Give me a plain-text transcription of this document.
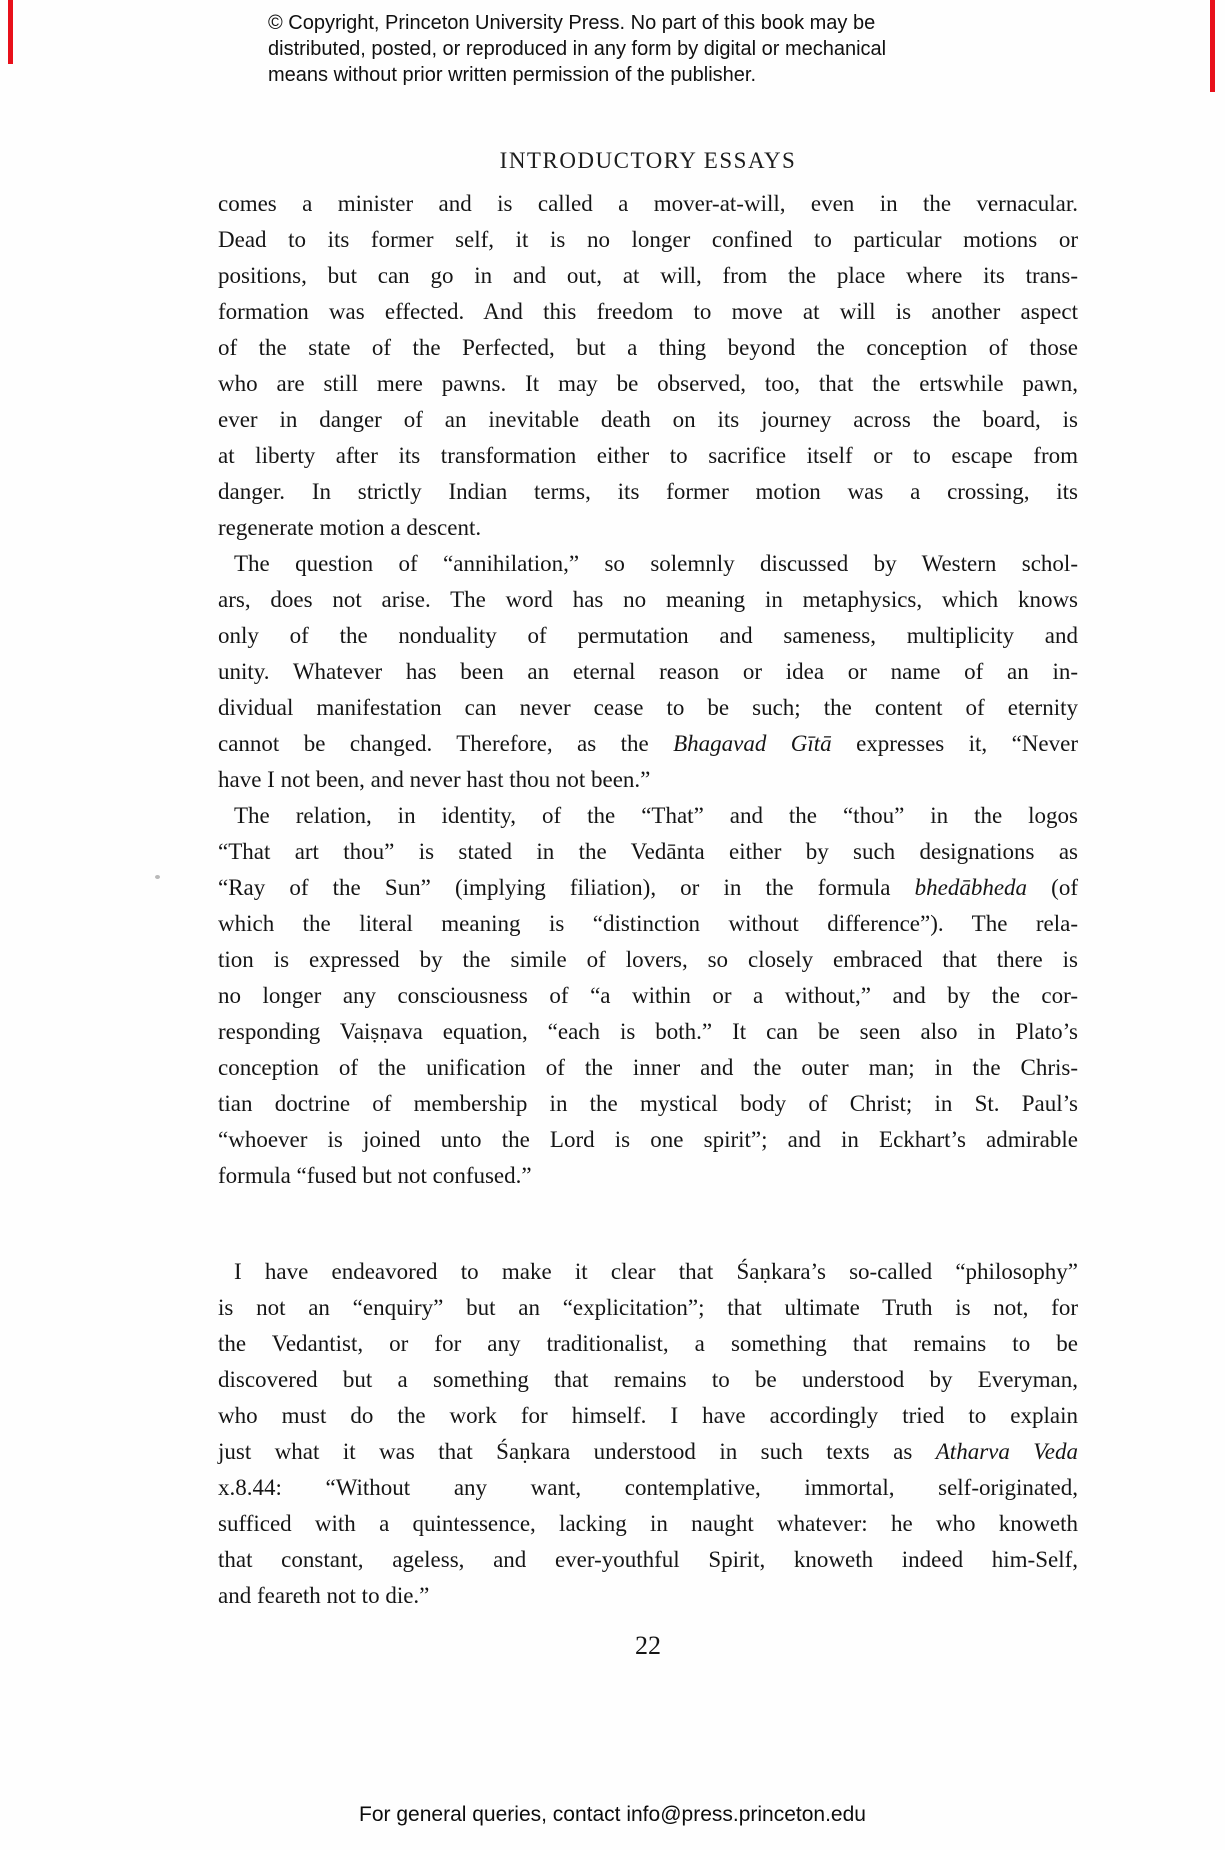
© Copyright, Princeton University Press. No part of this book may be
distributed, posted, or reproduced in any form by digital or mechanical
means without prior written permission of the publisher.
INTRODUCTORY ESSAYS
comes a minister and is called a mover-at-will, even in the vernacular.
Dead to its former self, it is no longer confined to particular motions or
positions, but can go in and out, at will, from the place where its trans-
formation was effected. And this freedom to move at will is another aspect
of the state of the Perfected, but a thing beyond the conception of those
who are still mere pawns. It may be observed, too, that the ertswhile pawn,
ever in danger of an inevitable death on its journey across the board, is
at liberty after its transformation either to sacrifice itself or to escape from
danger. In strictly Indian terms, its former motion was a crossing, its
regenerate motion a descent.
The question of “annihilation,” so solemnly discussed by Western schol-
ars, does not arise. The word has no meaning in metaphysics, which knows
only of the nonduality of permutation and sameness, multiplicity and
unity. Whatever has been an eternal reason or idea or name of an in-
dividual manifestation can never cease to be such; the content of eternity
cannot be changed. Therefore, as the Bhagavad Gītā expresses it, “Never
have I not been, and never hast thou not been.”
The relation, in identity, of the “That” and the “thou” in the logos
“That art thou” is stated in the Vedānta either by such designations as
“Ray of the Sun” (implying filiation), or in the formula bhedābheda (of
which the literal meaning is “distinction without difference”). The rela-
tion is expressed by the simile of lovers, so closely embraced that there is
no longer any consciousness of “a within or a without,” and by the cor-
responding Vaiṣṇava equation, “each is both.” It can be seen also in Plato’s
conception of the unification of the inner and the outer man; in the Chris-
tian doctrine of membership in the mystical body of Christ; in St. Paul’s
“whoever is joined unto the Lord is one spirit”; and in Eckhart’s admirable
formula “fused but not confused.”
I have endeavored to make it clear that Śaṇkara’s so-called “philosophy”
is not an “enquiry” but an “explicitation”; that ultimate Truth is not, for
the Vedantist, or for any traditionalist, a something that remains to be
discovered but a something that remains to be understood by Everyman,
who must do the work for himself. I have accordingly tried to explain
just what it was that Śaṇkara understood in such texts as Atharva Veda
x.8.44: “Without any want, contemplative, immortal, self-originated,
sufficed with a quintessence, lacking in naught whatever: he who knoweth
that constant, ageless, and ever-youthful Spirit, knoweth indeed him-Self,
and feareth not to die.”
22
For general queries, contact info@press.princeton.edu
